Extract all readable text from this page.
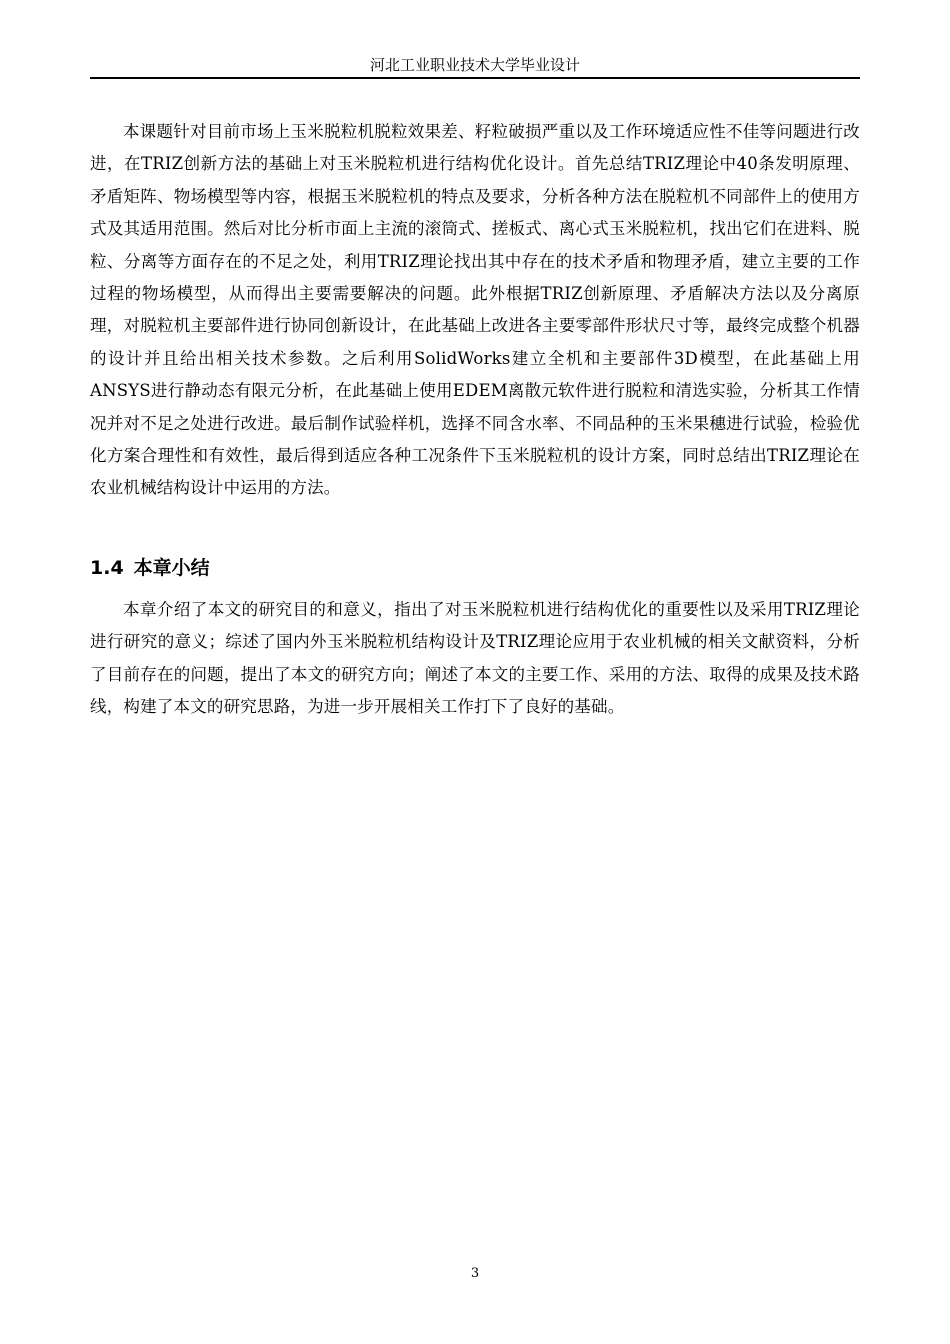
河北工业职业技术大学毕业设计

本课题针对目前市场上玉米脱粒机脱粒效果差、籽粒破损严重以及工作环境适应性不佳等问题进行改进，在TRIZ创新方法的基础上对玉米脱粒机进行结构优化设计。首先总结TRIZ理论中40条发明原理、矛盾矩阵、物场模型等内容，根据玉米脱粒机的特点及要求，分析各种方法在脱粒机不同部件上的使用方式及其适用范围。然后对比分析市面上主流的滚筒式、搓板式、离心式玉米脱粒机，找出它们在进料、脱粒、分离等方面存在的不足之处，利用TRIZ理论找出其中存在的技术矛盾和物理矛盾，建立主要的工作过程的物场模型，从而得出主要需要解决的问题。此外根据TRIZ创新原理、矛盾解决方法以及分离原理，对脱粒机主要部件进行协同创新设计，在此基础上改进各主要零部件形状尺寸等，最终完成整个机器的设计并且给出相关技术参数。之后利用SolidWorks建立全机和主要部件3D模型，在此基础上用ANSYS进行静动态有限元分析，在此基础上使用EDEM离散元软件进行脱粒和清选实验，分析其工作情况并对不足之处进行改进。最后制作试验样机，选择不同含水率、不同品种的玉米果穗进行试验，检验优化方案合理性和有效性，最后得到适应各种工况条件下玉米脱粒机的设计方案，同时总结出TRIZ理论在农业机械结构设计中运用的方法。

1.4 本章小结

本章介绍了本文的研究目的和意义，指出了对玉米脱粒机进行结构优化的重要性以及采用TRIZ理论进行研究的意义；综述了国内外玉米脱粒机结构设计及TRIZ理论应用于农业机械的相关文献资料，分析了目前存在的问题，提出了本文的研究方向；阐述了本文的主要工作、采用的方法、取得的成果及技术路线，构建了本文的研究思路，为进一步开展相关工作打下了良好的基础。

3
